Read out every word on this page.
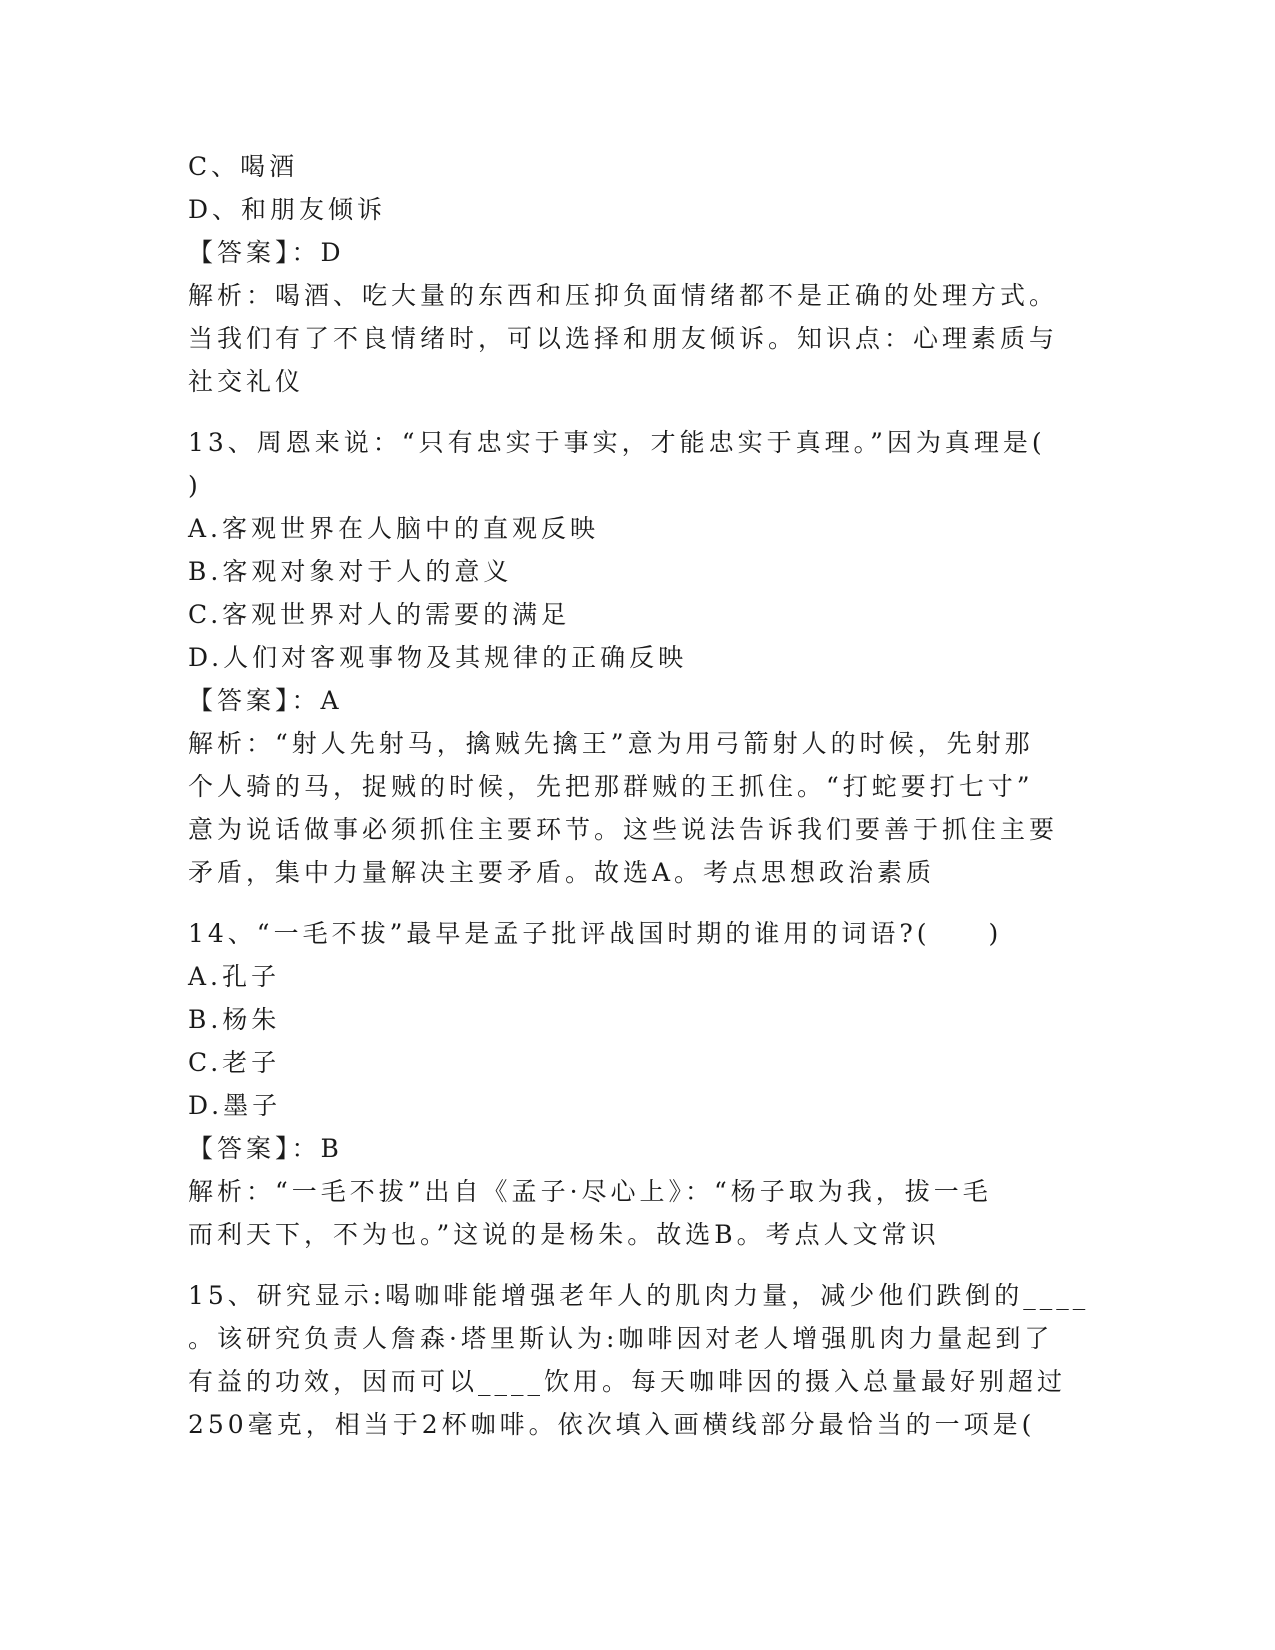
C、喝酒
D、和朋友倾诉
【答案】：D
解析：喝酒、吃大量的东西和压抑负面情绪都不是正确的处理方式。
当我们有了不良情绪时，可以选择和朋友倾诉。知识点：心理素质与
社交礼仪
13、周恩来说：“只有忠实于事实，才能忠实于真理。”因为真理是(
)
A.客观世界在人脑中的直观反映
B.客观对象对于人的意义
C.客观世界对人的需要的满足
D.人们对客观事物及其规律的正确反映
【答案】：A
解析：“射人先射马，擒贼先擒王”意为用弓箭射人的时候，先射那
个人骑的马，捉贼的时候，先把那群贼的王抓住。“打蛇要打七寸”
意为说话做事必须抓住主要环节。这些说法告诉我们要善于抓住主要
矛盾，集中力量解决主要矛盾。故选A。考点思想政治素质
14、“一毛不拔”最早是孟子批评战国时期的谁用的词语?(　　)
A.孔子
B.杨朱
C.老子
D.墨子
【答案】：B
解析：“一毛不拔”出自《孟子·尽心上》：“杨子取为我，拔一毛
而利天下，不为也。”这说的是杨朱。故选B。考点人文常识
15、研究显示:喝咖啡能增强老年人的肌肉力量，减少他们跌倒的____
。该研究负责人詹森·塔里斯认为:咖啡因对老人增强肌肉力量起到了
有益的功效，因而可以____饮用。每天咖啡因的摄入总量最好别超过
250毫克，相当于2杯咖啡。依次填入画横线部分最恰当的一项是(
